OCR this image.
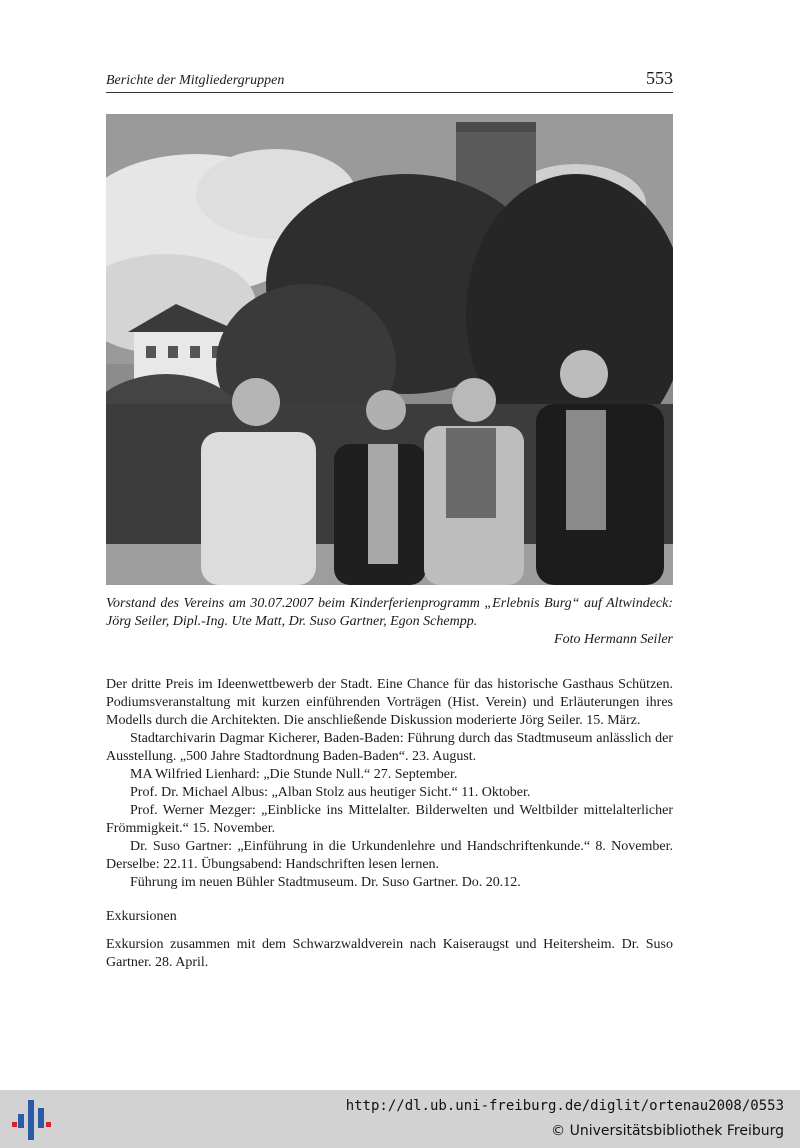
Berichte der Mitgliedergruppen	553
Vorstand des Vereins am 30.07.2007 beim Kinderferienprogramm „Erlebnis Burg“ auf Altwindeck: Jörg Seiler, Dipl.-Ing. Ute Matt, Dr. Suso Gartner, Egon Schempp.
Foto Hermann Seiler

Der dritte Preis im Ideenwettbewerb der Stadt. Eine Chance für das historische Gasthaus Schützen. Podiumsveranstaltung mit kurzen einführenden Vorträgen (Hist. Verein) und Erläuterungen ihres Modells durch die Architekten. Die anschließende Diskussion moderierte Jörg Seiler. 15. März.

Stadtarchivarin Dagmar Kicherer, Baden-Baden: Führung durch das Stadtmuseum anlässlich der Ausstellung. „500 Jahre Stadtordnung Baden-Baden“. 23. August.

MA Wilfried Lienhard: „Die Stunde Null.“ 27. September.

Prof. Dr. Michael Albus: „Alban Stolz aus heutiger Sicht.“ 11. Oktober.

Prof. Werner Mezger: „Einblicke ins Mittelalter. Bilderwelten und Weltbilder mittelalterlicher Frömmigkeit.“ 15. November.

Dr. Suso Gartner: „Einführung in die Urkundenlehre und Handschriftenkunde.“ 8. November. Derselbe: 22.11. Übungsabend: Handschriften lesen lernen.

Führung im neuen Bühler Stadtmuseum. Dr. Suso Gartner. Do. 20.12.

Exkursionen

Exkursion zusammen mit dem Schwarzwaldverein nach Kaiseraugst und Heitersheim. Dr. Suso Gartner. 28. April.

http://dl.ub.uni-freiburg.de/diglit/ortenau2008/0553
© Universitätsbibliothek Freiburg
